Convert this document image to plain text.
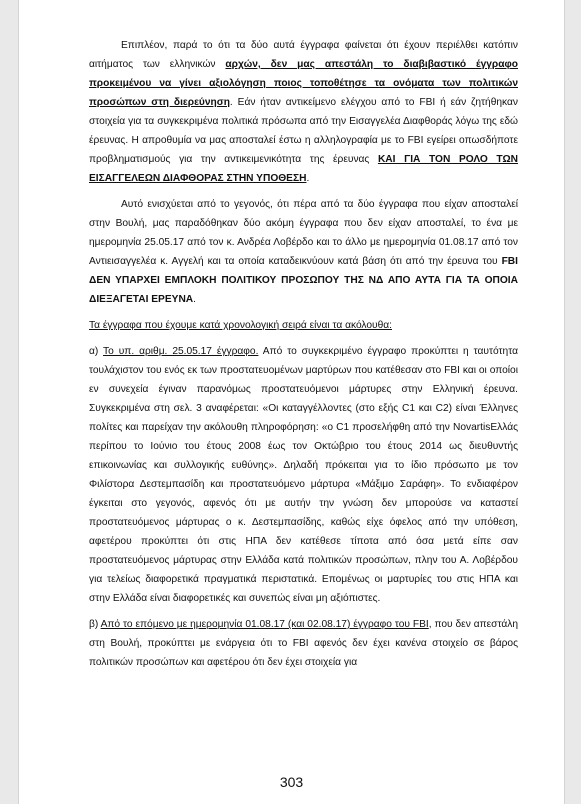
Επιπλέον, παρά το ότι τα δύο αυτά έγγραφα φαίνεται ότι έχουν περιέλθει κατόπιν αιτήματος των ελληνικών αρχών, δεν μας απεστάλη το διαβιβαστικό έγγραφο προκειμένου να γίνει αξιολόγηση ποιος τοποθέτησε τα ονόματα των πολιτικών προσώπων στη διερεύνηση. Εάν ήταν αντικείμενο ελέγχου από το FBI ή εάν ζητήθηκαν στοιχεία για τα συγκεκριμένα πολιτικά πρόσωπα από την Εισαγγελέα Διαφθοράς λόγω της εδώ έρευνας. Η απροθυμία να μας αποσταλεί έστω η αλληλογραφία με το FBI εγείρει οπωσδήποτε προβληματισμούς για την αντικειμενικότητα της έρευνας ΚΑΙ ΓΙΑ ΤΟΝ ΡΟΛΟ ΤΩΝ ΕΙΣΑΓΓΕΛΕΩΝ ΔΙΑΦΘΟΡΑΣ ΣΤΗΝ ΥΠΟΘΕΣΗ.

Αυτό ενισχύεται από το γεγονός, ότι πέρα από τα δύο έγγραφα που είχαν αποσταλεί στην Βουλή, μας παραδόθηκαν δύο ακόμη έγγραφα που δεν είχαν αποσταλεί, το ένα με ημερομηνία 25.05.17 από τον κ. Ανδρέα Λοβέρδο και το άλλο με ημερομηνία 01.08.17 από τον Αντιεισαγγελέα κ. Αγγελή και τα οποία καταδεικνύουν κατά βάση ότι από την έρευνα του FBI ΔΕΝ ΥΠΑΡΧΕΙ ΕΜΠΛΟΚΗ ΠΟΛΙΤΙΚΟΥ ΠΡΟΣΩΠΟΥ ΤΗΣ ΝΔ ΑΠΟ ΑΥΤΑ ΓΙΑ ΤΑ ΟΠΟΙΑ ΔΙΕΞΑΓΕΤΑΙ ΕΡΕΥΝΑ.

Τα έγγραφα που έχουμε κατά χρονολογική σειρά είναι τα ακόλουθα:

α) Το υπ. αριθμ. 25.05.17 έγγραφο. Από το συγκεκριμένο έγγραφο προκύπτει η ταυτότητα τουλάχιστον του ενός εκ των προστατευομένων μαρτύρων που κατέθεσαν στο FBI και οι οποίοι εν συνεχεία έγιναν παρανόμως προστατευόμενοι μάρτυρες στην Ελληνική έρευνα. Συγκεκριμένα στη σελ. 3 αναφέρεται: «Οι καταγγέλλοντες (στο εξής C1 και C2) είναι Έλληνες πολίτες και παρείχαν την ακόλουθη πληροφόρηση: «ο C1 προσελήφθη από την NovartisΕλλάς περίπου το Ιούνιο του έτους 2008 έως τον Οκτώβριο του έτους 2014 ως διευθυντής επικοινωνίας και συλλογικής ευθύνης». Δηλαδή πρόκειται για το ίδιο πρόσωπο με τον Φιλίστορα Δεστεμπασίδη και προστατευόμενο μάρτυρα «Μάξιμο Σαράφη». Το ενδιαφέρον έγκειται στο γεγονός, αφενός ότι με αυτήν την γνώση δεν μπορούσε να καταστεί προστατευόμενος μάρτυρας ο κ. Δεστεμπασίδης, καθώς είχε όφελος από την υπόθεση, αφετέρου προκύπτει ότι στις ΗΠΑ δεν κατέθεσε τίποτα από όσα μετά είπε σαν προστατευόμενος μάρτυρας στην Ελλάδα κατά πολιτικών προσώπων, πλην του Α. Λοβέρδου για τελείως διαφορετικά πραγματικά περιστατικά. Επομένως οι μαρτυρίες του στις ΗΠΑ και στην Ελλάδα είναι διαφορετικές και συνεπώς είναι μη αξιόπιστες.

β) Από το επόμενο με ημερομηνία 01.08.17 (και 02.08.17) έγγραφο του FBI, που δεν απεστάλη στη Βουλή, προκύπτει με ενάργεια ότι το FBI αφενός δεν έχει κανένα στοιχείο σε βάρος πολιτικών προσώπων και αφετέρου ότι δεν έχει στοιχεία για

303
